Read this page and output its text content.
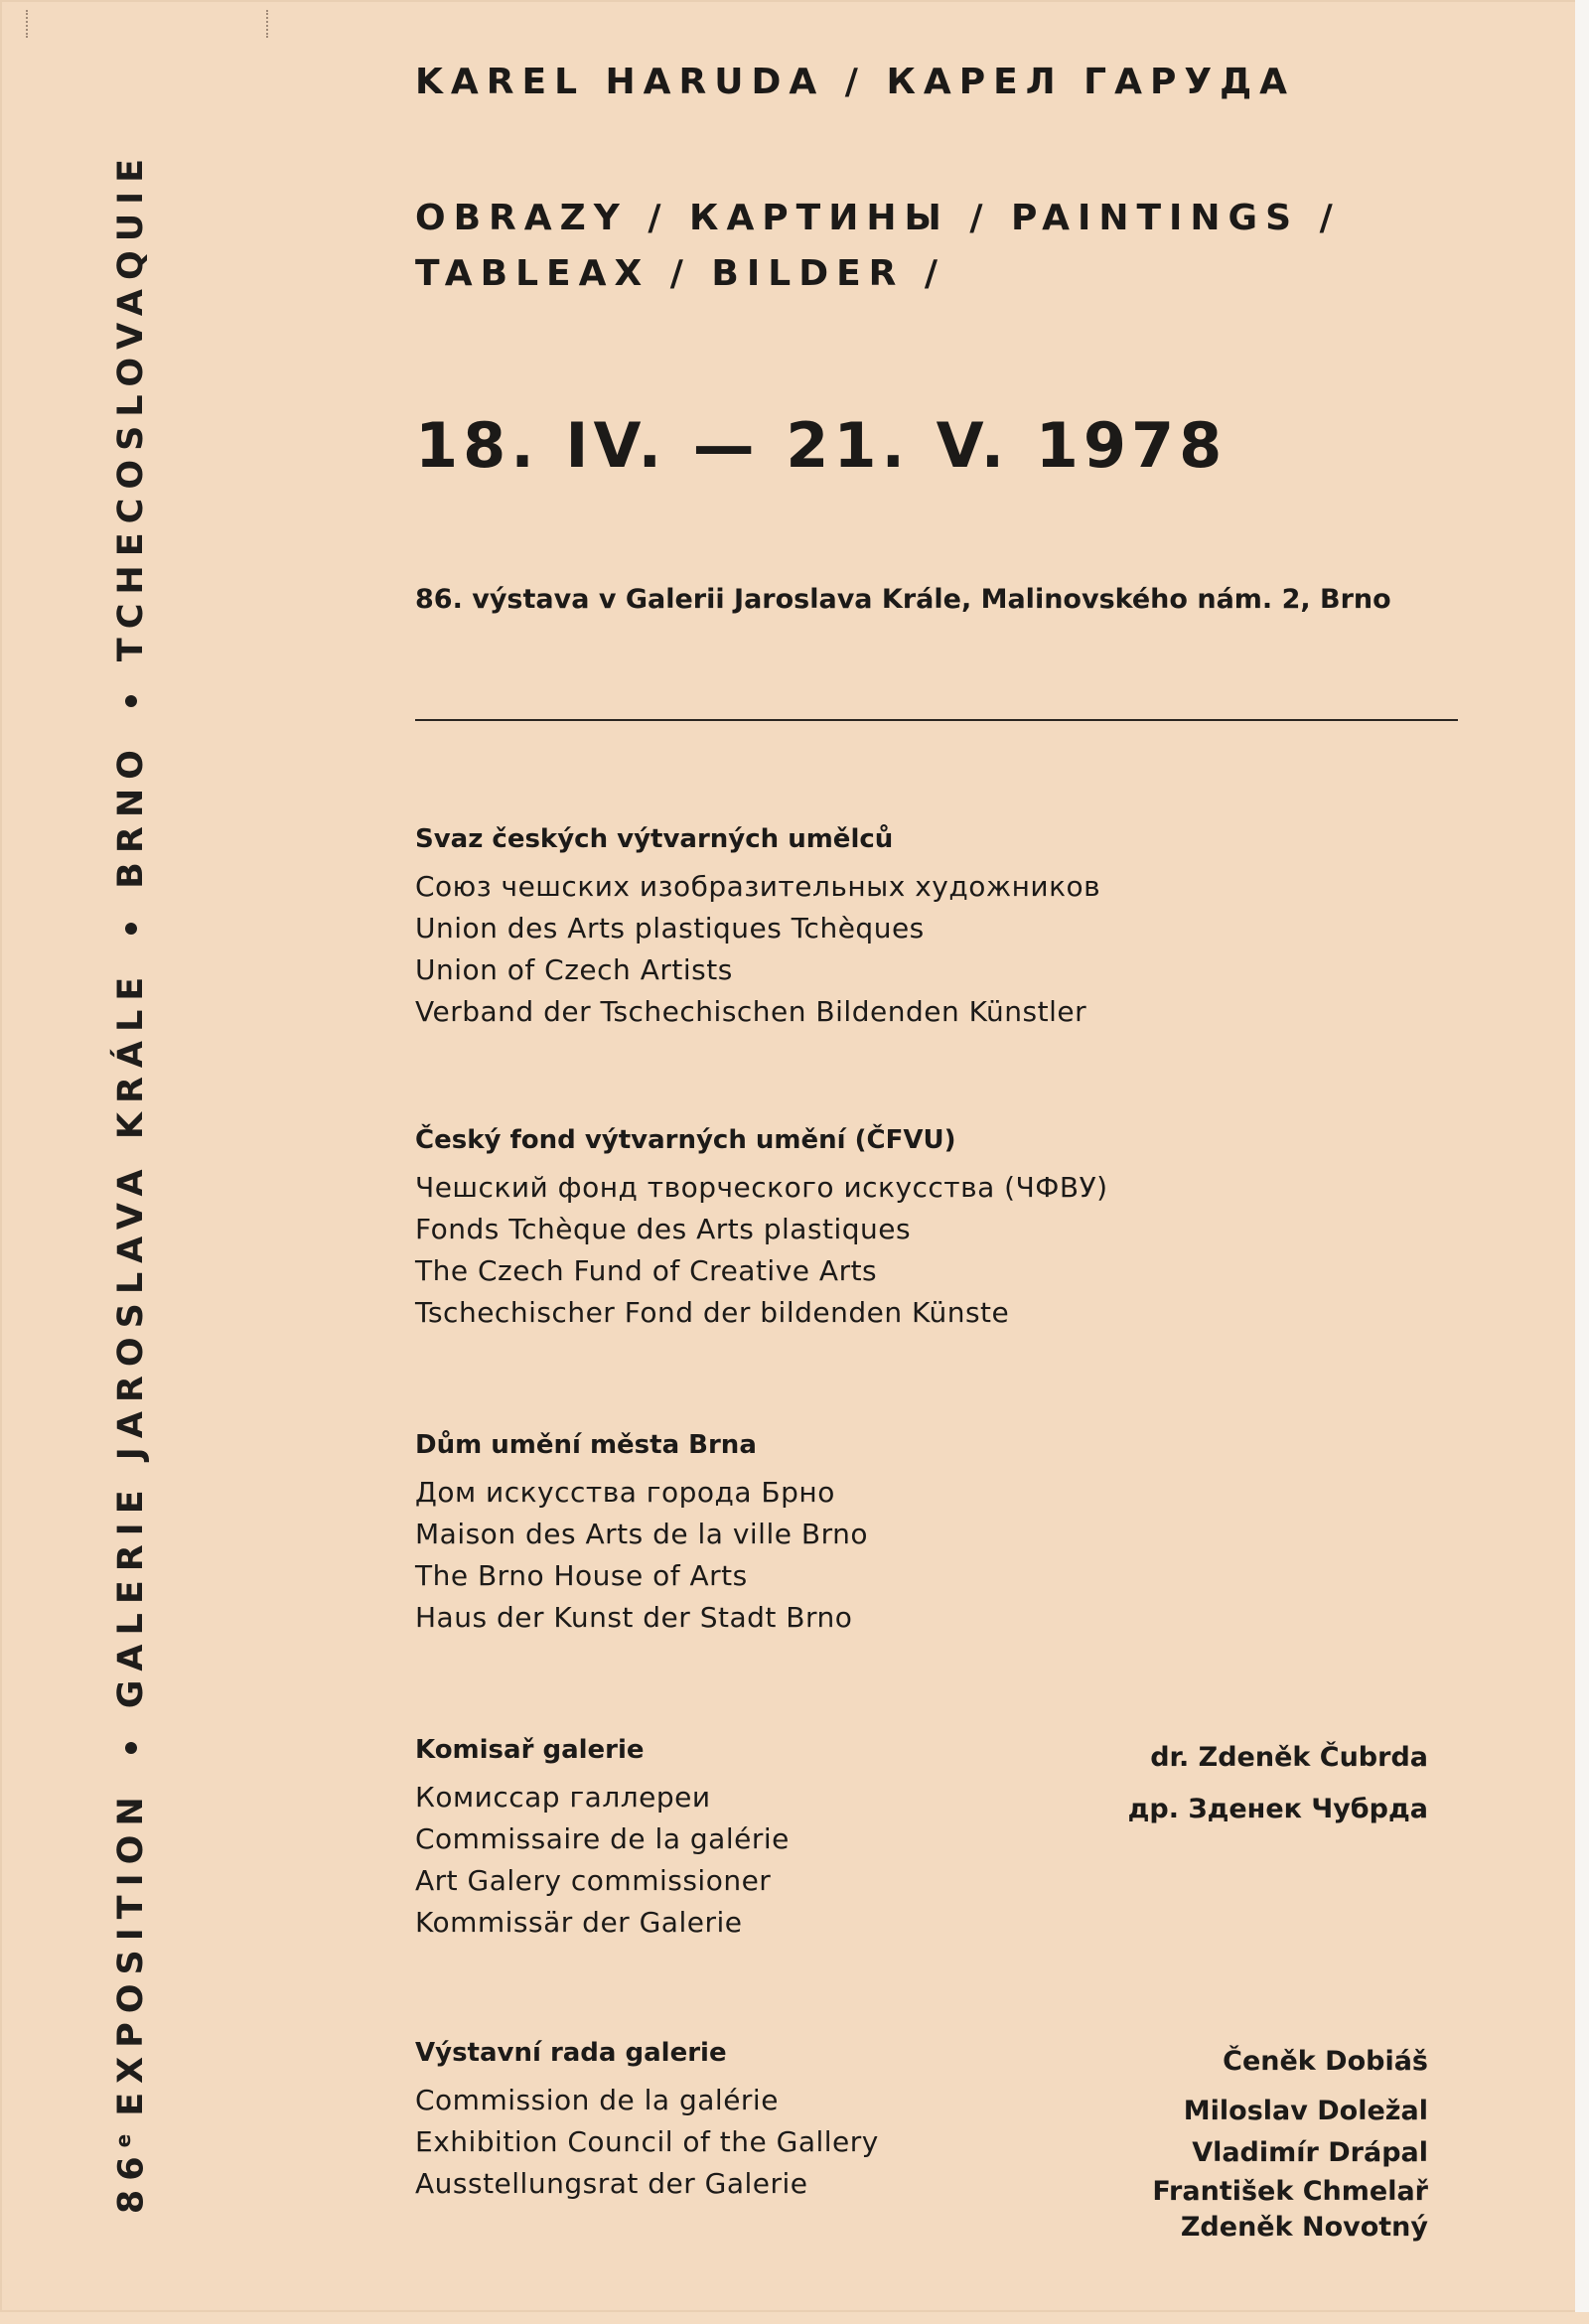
86e
EXPOSITION
GALERIE JAROSLAVA KRÁLE
BRNO
TCHECOSLOVAQUIE
KAREL HARUDA / КАРЕЛ ГАРУДА
OBRAZY / КАРТИНЫ / PAINTINGS /
TABLEAX / BILDER /
18. IV. — 21. V. 1978
86. výstava v Galerii Jaroslava Krále, Malinovského nám. 2, Brno
Svaz českých výtvarných umělců
Союз чешских изобразительных художников
Union des Arts plastiques Tchèques
Union of Czech Artists
Verband der Tschechischen Bildenden Künstler
Český fond výtvarných umění (ČFVU)
Чешский фонд творческого искусства (ЧФВУ)
Fonds Tchèque des Arts plastiques
The Czech Fund of Creative Arts
Tschechischer Fond der bildenden Künste
Dům umění města Brna
Дом искусства города Брно
Maison des Arts de la ville Brno
The Brno House of Arts
Haus der Kunst der Stadt Brno
Komisař galerie
Комиссар галлереи
Commissaire de la galérie
Art Galery commissioner
Kommissär der Galerie
dr. Zdeněk Čubrda
др. Зденек Чубрда
Výstavní rada galerie
Commission de la galérie
Exhibition Council of the Gallery
Ausstellungsrat der Galerie
Čeněk Dobiáš
Miloslav Doležal
Vladimír Drápal
František Chmelař
Zdeněk Novotný
